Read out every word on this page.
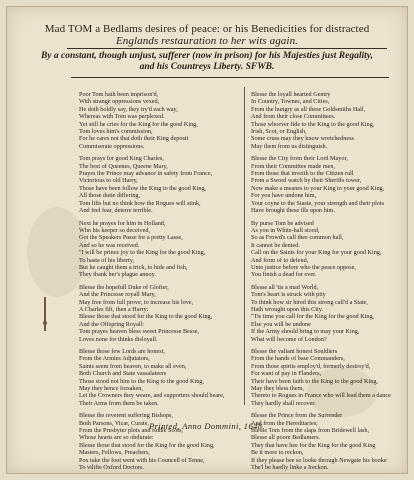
Mad TOM a Bedlams desires of peace: or his Benedicities for distracted
Englands restauration to her wits again.
By a constant, though unjust, sufferer (now in prison) for his Majesties just Regality,
and his Countreys Liberty. SFWB.
Poor Tom hath been imprison'd,
With strange oppressions vexed,
He doth boldly say, they try'd each way,
Whereas with Tom was perplexed.
Yet still he cries for the King for the good King,
Tom loves him's commission,
For he cares not that doth their King deposit
Commiserate oppressions.
Tom prays for good King Charles,
The best of Queenes, Queene Mary,
Prayes the Prince may advance in safety from France,
Victorious to old Harry,
Those have been follow the King to the good King,
All those dutie differing,
Tom lifts but no think how the Rogues will stink,
And feel fear, deterre terrible.
Next he prayes for him in Holland,
Who his keeper so deceived,
Got the Speakers Passe for a pretty Lasse,
And so he was received.
"I will be prince joy to the King for the good King,
To haste of his liberty,
But he caught them a trick, to hide and fish,
They thank her's plague annoy.
Blesse the hopefull Duke of Glofter,
And the Princesse royall Mary,
May free from full prove, to increase his love,
A Charles fift, then a Harry:
Blesse those that stood for the King to the good King,
And the Offspring Royall:
Tom prayes heaven bless sweet Princesse Besse,
Loves none for thinks disloyall.
Blesse those few Lords are honest,
From the Armies Adjutators,
Saints seem from heaven, to make all even,
Both Church and State vassalateers
Those stood not him to the King to the good King,
May they hence forsaken,
Let the Crowners they weare, and supporters should beare,
Their Arms from them be taken.
Blesse the reverent suffering Bishops,
Both Parsons, Vicar, Curate,
From the Presbyter plots and fiddle Scots,
Whose hearts are so obdurate:
Blesse those that stood for the King for the good King,
Masters, Fellows, Preachers,
Pox take the foot went with his Councell of Tenne,
To vilifie Oxford Doctors.
Blesse the loyall hearted Gentry
In Country, Townes, and Cities,
From the hungry as all these Goldsmiths Hall,
And from their close Committees.
Those whoever fide to the King to the good King,
Irish, Scot, or English,
Some cruss may they know wretchedness
May them from us distinguish.
Blesse the City from their Lord Mayor,
From their Committee made men,
From those that inveith to the Citizen rull
From a Sword watch by their Sheriffs tower,
Now make a meanes to your King to your good King,
For you have undone him,
Your coyne to the Staste, your strength and their plots
Have brought these ills upon him.
By purse Tom be advised
As you in White-hall stood,
So as Frowd's call thee common hall,
It cannot be denied.
Call on the Saints for your King for your good King,
And form of to defend,
Unto justice before who the peace oppose,
You finish a dead for ever.
Blesse all 'tis a mad World,
Tom's heart is struck with pity
To think how sir hired this strong call'd a State,
Hath wrought upon this City.
"Tis time you call for the King for the good King,
Else you will be undone
If the Army should bring to may your King,
What will become of London?
Blesse the valiant honest Souldiers
From the hands of base Commanders,
From those spirits employ'd, formerly destroy'd,
For want of pay in Flanders,
Their have been faith to the King to the good King,
May they bless them,
Thereto to Rogues in France who will lead them a dance
They hardly shall recover.
Blesse the Prince from the Surrender
And from the Hereditaries;
Blesse Tom from the slaps from Bridewell lash,
Blesse all poore Bedlamers.
They that have hee for the King for the good King
Be it more to reckon,
If they please bee so looke through Newgate his booke
The'l be hardly linke a Ireckon.
Printed, Anno Dommini, 1648.
